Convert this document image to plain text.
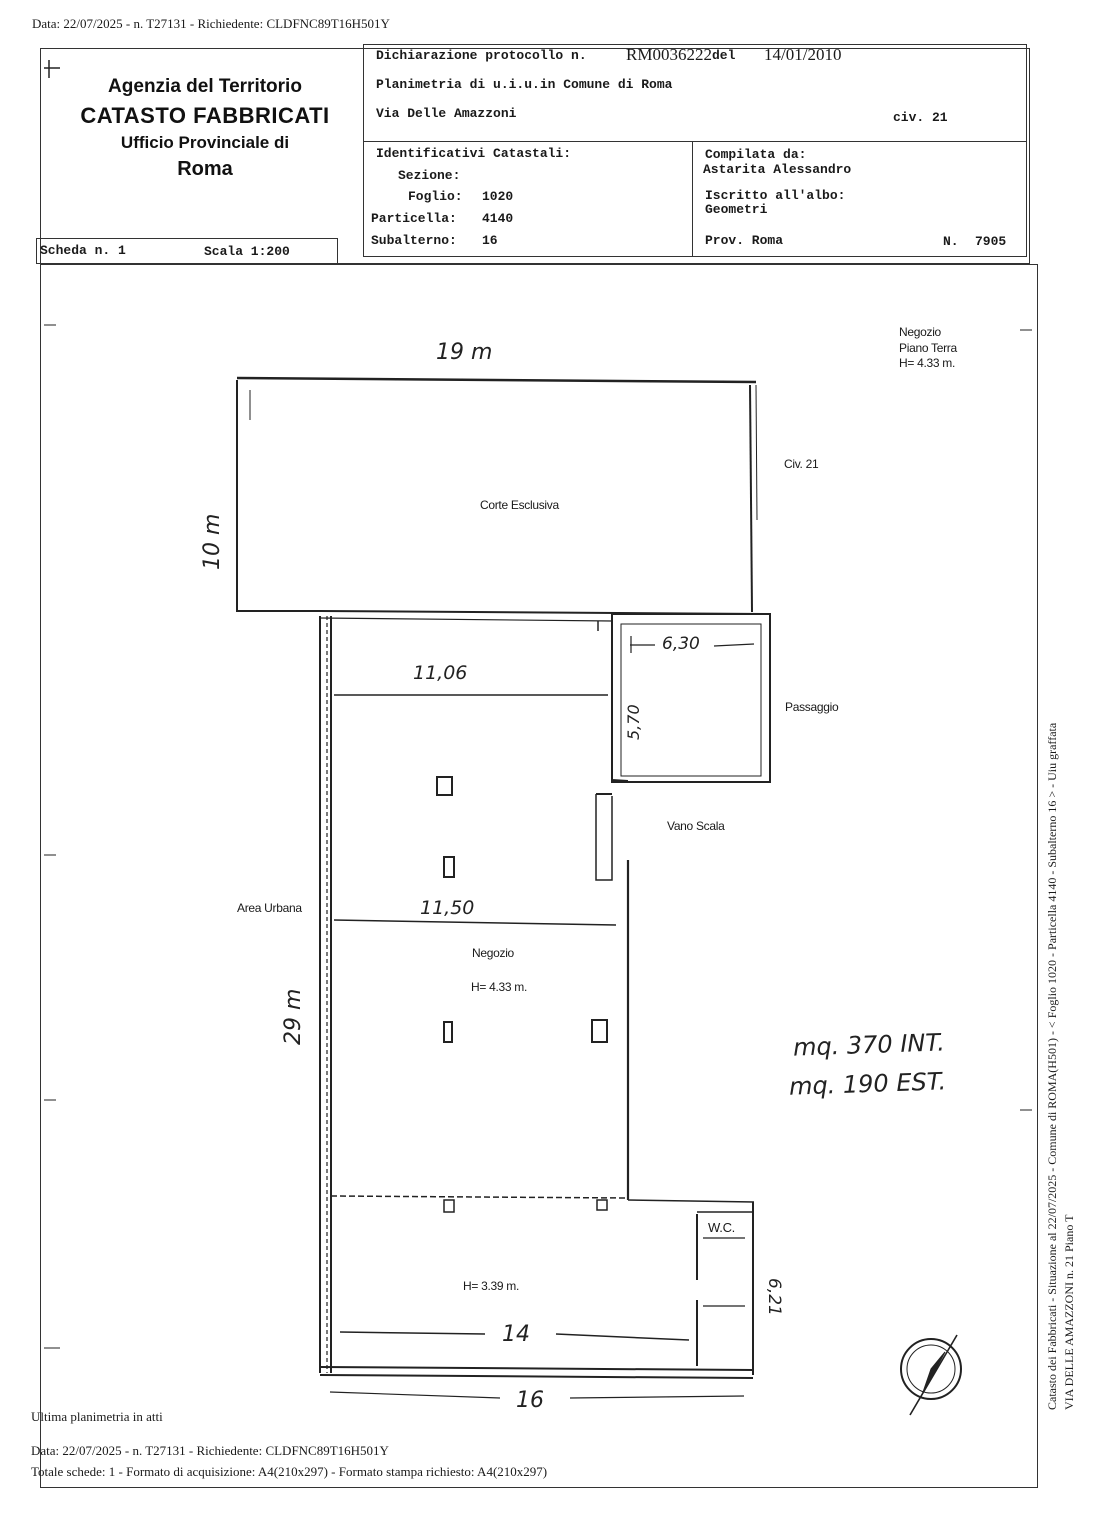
Data: 22/07/2025 - n. T27131 - Richiedente: CLDFNC89T16H501Y
Agenzia del Territorio
CATASTO FABBRICATI
Ufficio Provinciale di
Roma
Dichiarazione protocollo n. RM0036222 del 14/01/2010
Planimetria di u.i.u.in Comune di Roma
Via Delle Amazzoni	civ. 21
Identificativi Catastali:
Sezione:
Foglio: 1020
Particella: 4140
Subalterno: 16
Compilata da:
Astarita Alessandro
Iscritto all'albo:
Geometri
Prov. Roma	N. 7905
Scheda n. 1	Scala 1:200
Negozio
Piano Terra
H= 4.33 m.
Corte Esclusiva
Civ. 21
Passaggio
Vano Scala
Area Urbana
Negozio
H= 4.33 m.
W.C.
H= 3.39 m.
19 m
10 m
6,30
5,70
11,06
11,50
29 m
6,21
14
16
mq. 370 INT.
mq. 190 EST.	Catasto dei Fabbricati - Situazione al 22/07/2025 - Comune di ROMA(H501) - < Foglio 1020 - Particella 4140 - Subalterno 16 > - Uiu graffata VIA DELLE AMAZZONI n. 21 Piano T
Ultima planimetria in atti
Data: 22/07/2025 - n. T27131 - Richiedente: CLDFNC89T16H501Y
Totale schede: 1 - Formato di acquisizione: A4(210x297) - Formato stampa richiesto: A4(210x297)
